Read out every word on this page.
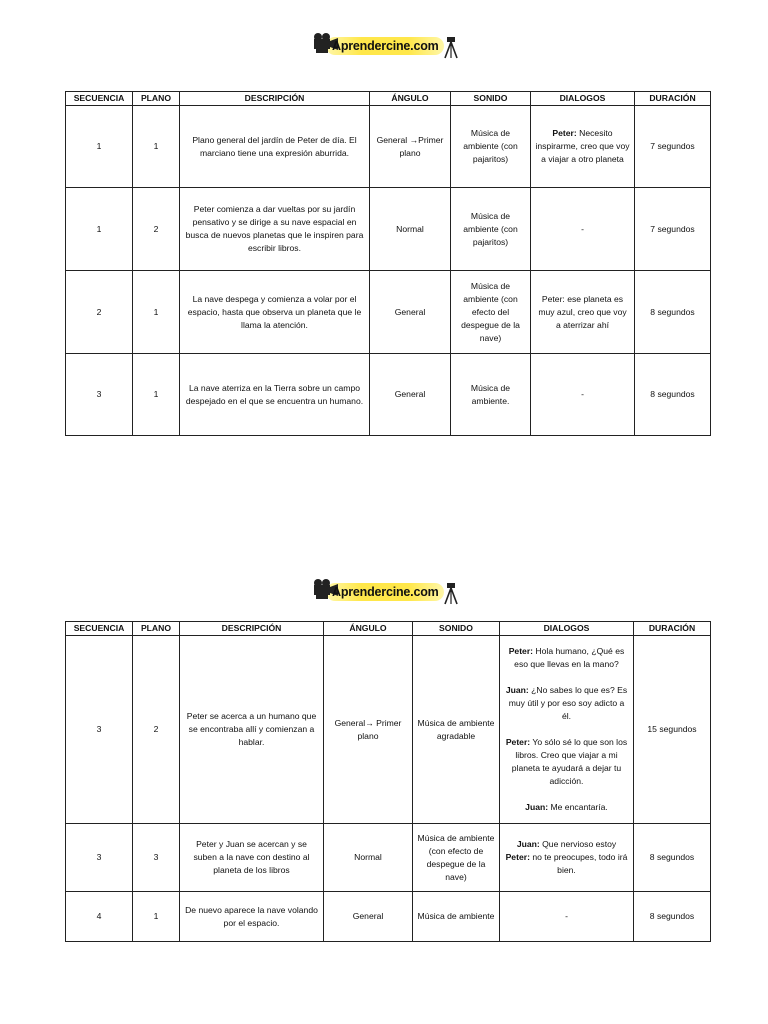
Aprendercine.com
SECUENCIA	PLANO	DESCRIPCIÓN	ÁNGULO	SONIDO	DIALOGOS	DURACIÓN
1	1	Plano general del jardín de Peter de día. El marciano tiene una expresión aburrida.	General →Primer plano	Música de ambiente (con pajaritos)	Peter: Necesito inspirarme, creo que voy a viajar a otro planeta	7 segundos
1	2	Peter comienza a dar vueltas por su jardín pensativo y se dirige a su nave espacial en busca de nuevos planetas que le inspiren para escribir libros.	Normal	Música de ambiente (con pajaritos)	-	7 segundos
2	1	La nave despega y comienza a volar por el espacio, hasta que observa un planeta que le llama la atención.	General	Música de ambiente (con efecto del despegue de la nave)	Peter: ese planeta es muy azul, creo que voy a aterrizar ahí	8 segundos
3	1	La nave aterriza en la Tierra sobre un campo despejado en el que se encuentra un humano.	General	Música de ambiente.	-	8 segundos
Aprendercine.com
SECUENCIA	PLANO	DESCRIPCIÓN	ÁNGULO	SONIDO	DIALOGOS	DURACIÓN
3	2	Peter se acerca a un humano que se encontraba allí y comienzan a hablar.	General→ Primer plano	Música de ambiente agradable	Peter: Hola humano, ¿Qué es eso que llevas en la mano?
Juan: ¿No sabes lo que es? Es muy útil y por eso soy adicto a él.
Peter: Yo sólo sé lo que son los libros. Creo que viajar a mi planeta te ayudará a dejar tu adicción.
Juan: Me encantaría.	15 segundos
3	3	Peter y Juan se acercan y se suben a la nave con destino al planeta de los libros	Normal	Música de ambiente (con efecto de despegue de la nave)	Juan: Que nervioso estoy
Peter: no te preocupes, todo irá bien.	8 segundos
4	1	De nuevo aparece la nave volando por el espacio.	General	Música de ambiente	-	8 segundos
